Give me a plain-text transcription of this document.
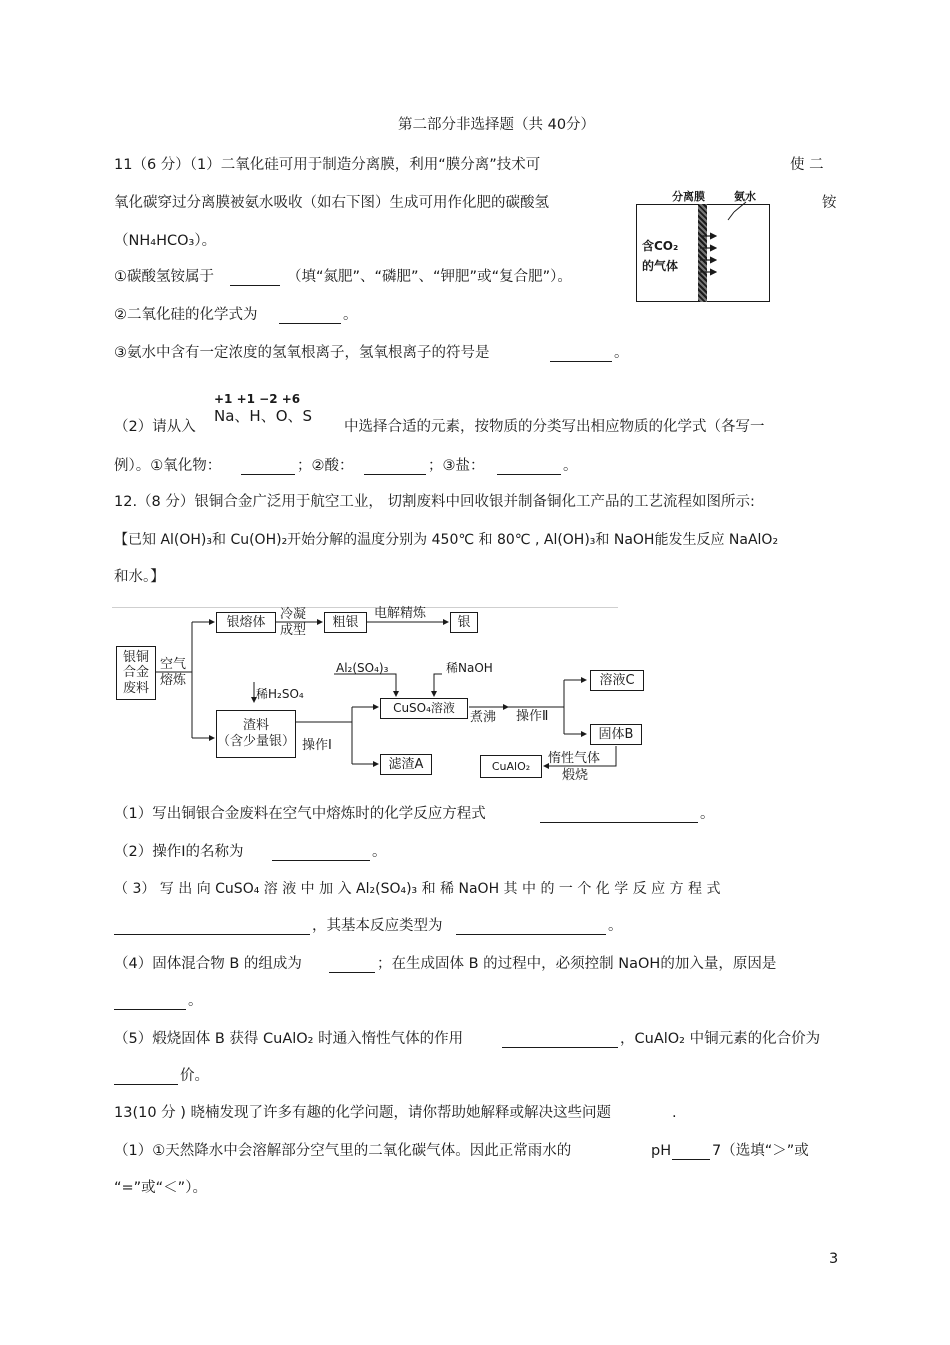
第二部分非选择题（共 40分）
11（6 分）（1）二氧化硅可用于制造分离膜，利用“膜分离”技术可	使 二
氧化碳穿过分离膜被氨水吸收（如右下图）生成可用作化肥的碳酸氢	铵
（NH₄HCO₃）。
①碳酸氢铵属于	（填“氮肥”、“磷肥”、“钾肥”或“复合肥”）。
②二氧化硅的化学式为	。
③氨水中含有一定浓度的氢氧根离子，氢氧根离子的符号是	。
分离膜	氨水
含CO₂
的气体
+1 +1 −2 +6
Na、H、O、S
（2）请从入	中选择合适的元素，按物质的分类写出相应物质的化学式（各写一
例）。①氧化物：	；②酸：	；③盐：	。
12.（8 分）银铜合金广泛用于航空工业， 切割废料中回收银并制备铜化工产品的工艺流程如图所示:
【已知 Al(OH)₃和 Cu(OH)₂开始分解的温度分别为 450℃ 和 80℃ , Al(OH)₃和 NaOH能发生反应 NaAlO₂
和水。】
银铜
合金
废料
空气
熔炼
银熔体
冷凝
成型
粗银
电解精炼
银
稀H₂SO₄
渣料
（含少量银） 操作Ⅰ
Al₂(SO₄)₃	稀NaOH
CuSO₄溶液
煮沸 操作Ⅱ
滤渣A
溶液C
固体B
CuAlO₂
惰性气体
煅烧
（1）写出铜银合金废料在空气中熔炼时的化学反应方程式	。
（2）操作Ⅰ的名称为	。
（ 3） 写 出 向 CuSO₄ 溶 液 中 加 入 Al₂(SO₄)₃ 和 稀 NaOH 其 中 的 一 个 化 学 反 应 方 程 式
，其基本反应类型为	。
（4）固体混合物 B 的组成为	；在生成固体 B 的过程中，必须控制 NaOH的加入量，原因是
。
（5）煅烧固体 B 获得 CuAlO₂ 时通入惰性气体的作用	，CuAlO₂ 中铜元素的化合价为
价。
13(10 分 ) 晓楠发现了许多有趣的化学问题，请你帮助她解释或解决这些问题	.
（1）①天然降水中会溶解部分空气里的二氧化碳气体。因此正常雨水的	pH	7（选填“＞”或
“=”或“＜”）。
3
